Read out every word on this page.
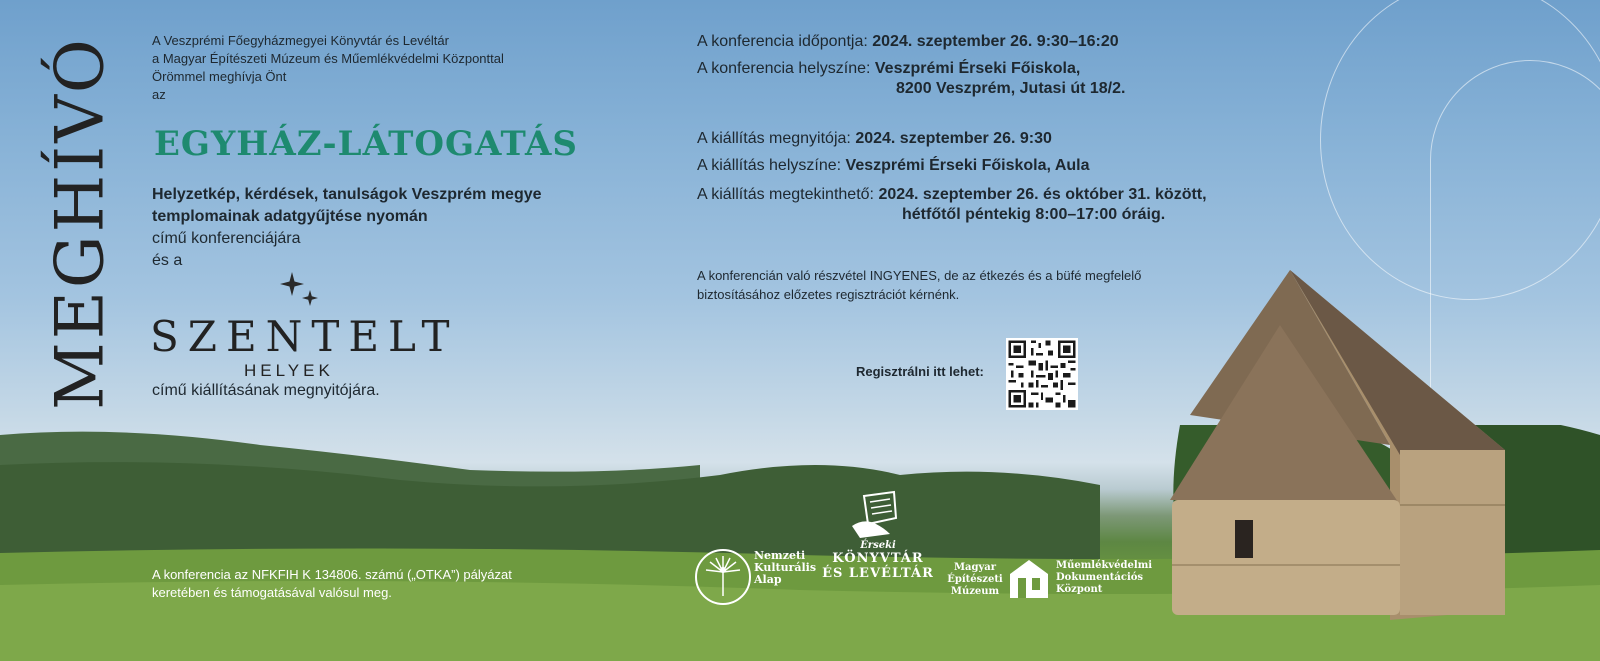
MEGHÍVÓ	A Veszprémi Főegyházmegyei Könyvtár és Levéltár
a Magyar Építészeti Múzeum és Műemlékvédelmi Központtal
Örömmel meghívja Önt
az
EGYHÁZ-LÁTOGATÁS
Helyzetkép, kérdések, tanulságok Veszprém megye
templomainak adatgyűjtése nyomán
című konferenciájára
és a
SZENTELT
HELYEK
című kiállításának megnyitójára.
A konferencia időpontja: 2024. szeptember 26. 9:30–16:20
A konferencia helyszíne: Veszprémi Érseki Főiskola,
8200 Veszprém, Jutasi út 18/2.
A kiállítás megnyitója: 2024. szeptember 26. 9:30
A kiállítás helyszíne: Veszprémi Érseki Főiskola, Aula
A kiállítás megtekinthető: 2024. szeptember 26. és október 31. között,
hétfőtől péntekig 8:00–17:00 óráig.
A konferencián való részvétel INGYENES, de az étkezés és a büfé megfelelő
biztosításához előzetes regisztrációt kérnénk.
Regisztrálni itt lehet:
A konferencia az NFKFIH K 134806. számú („OTKA”) pályázat
keretében és támogatásával valósul meg.
Nemzeti
Kulturális
Alap
Érseki
KÖNYVTÁR
ÉS LEVÉLTÁR	Magyar
Építészeti
Múzeum
Műemlékvédelmi
Dokumentációs
Központ
